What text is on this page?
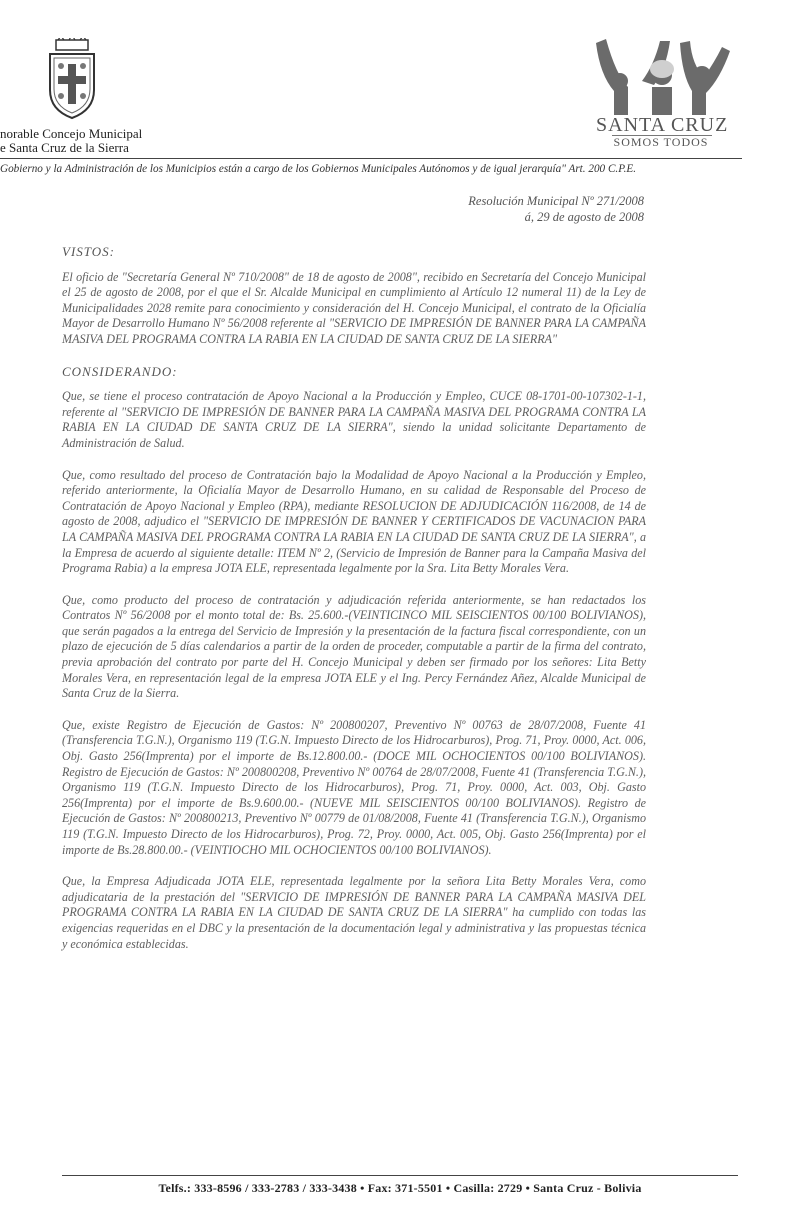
norable Concejo Municipal
e Santa Cruz de la Sierra
SANTA CRUZ
SOMOS TODOS
Gobierno y la Administración de los Municipios están a cargo de los Gobiernos Municipales Autónomos y de igual jerarquía" Art. 200 C.P.E.
Resolución Municipal Nº 271/2008
á, 29 de agosto de 2008
VISTOS:

El oficio de "Secretaría General Nº 710/2008" de 18 de agosto de 2008", recibido en Secretaría del Concejo Municipal el 25 de agosto de 2008, por el que el Sr. Alcalde Municipal en cumplimiento al Artículo 12 numeral 11) de la Ley de Municipalidades 2028 remite para conocimiento y consideración del H. Concejo Municipal, el contrato de la Oficialía Mayor de Desarrollo Humano Nº 56/2008 referente al "SERVICIO DE IMPRESIÓN DE BANNER PARA LA CAMPAÑA MASIVA DEL PROGRAMA CONTRA LA RABIA EN LA CIUDAD DE SANTA CRUZ DE LA SIERRA"

CONSIDERANDO:

Que, se tiene el proceso contratación de Apoyo Nacional a la Producción y Empleo, CUCE 08-1701-00-107302-1-1, referente al "SERVICIO DE IMPRESIÓN DE BANNER PARA LA CAMPAÑA MASIVA DEL PROGRAMA CONTRA LA RABIA EN LA CIUDAD DE SANTA CRUZ DE LA SIERRA", siendo la unidad solicitante Departamento de Administración de Salud.

Que, como resultado del proceso de Contratación bajo la Modalidad de Apoyo Nacional a la Producción y Empleo, referido anteriormente, la Oficialía Mayor de Desarrollo Humano, en su calidad de Responsable del Proceso de Contratación de Apoyo Nacional y Empleo (RPA), mediante RESOLUCION DE ADJUDICACIÓN 116/2008, de 14 de agosto de 2008, adjudico el "SERVICIO DE IMPRESIÓN DE BANNER Y CERTIFICADOS DE VACUNACION PARA LA CAMPAÑA MASIVA DEL PROGRAMA CONTRA LA RABIA EN LA CIUDAD DE SANTA CRUZ DE LA SIERRA", a la Empresa de acuerdo al siguiente detalle: ITEM Nº 2, (Servicio de Impresión de Banner para la Campaña Masiva del Programa Rabia) a la empresa JOTA ELE, representada legalmente por la Sra. Lita Betty Morales Vera.

Que, como producto del proceso de contratación y adjudicación referida anteriormente, se han redactados los Contratos Nº 56/2008 por el monto total de: Bs. 25.600.-(VEINTICINCO MIL SEISCIENTOS 00/100 BOLIVIANOS), que serán pagados a la entrega del Servicio de Impresión y la presentación de la factura fiscal correspondiente, con un plazo de ejecución de 5 días calendarios a partir de la orden de proceder, computable a partir de la firma del contrato, previa aprobación del contrato por parte del H. Concejo Municipal y deben ser firmado por los señores: Lita Betty Morales Vera, en representación legal de la empresa JOTA ELE y el Ing. Percy Fernández Añez, Alcalde Municipal de Santa Cruz de la Sierra.

Que, existe Registro de Ejecución de Gastos: Nº 200800207, Preventivo Nº 00763 de 28/07/2008, Fuente 41 (Transferencia T.G.N.), Organismo 119 (T.G.N. Impuesto Directo de los Hidrocarburos), Prog. 71, Proy. 0000, Act. 006, Obj. Gasto 256(Imprenta) por el importe de Bs.12.800.00.- (DOCE MIL OCHOCIENTOS 00/100 BOLIVIANOS). Registro de Ejecución de Gastos: Nº 200800208, Preventivo Nº 00764 de 28/07/2008, Fuente 41 (Transferencia T.G.N.), Organismo 119 (T.G.N. Impuesto Directo de los Hidrocarburos), Prog. 71, Proy. 0000, Act. 003, Obj. Gasto 256(Imprenta) por el importe de Bs.9.600.00.- (NUEVE MIL SEISCIENTOS 00/100 BOLIVIANOS). Registro de Ejecución de Gastos: Nº 200800213, Preventivo Nº 00779 de 01/08/2008, Fuente 41 (Transferencia T.G.N.), Organismo 119 (T.G.N. Impuesto Directo de los Hidrocarburos), Prog. 72, Proy. 0000, Act. 005, Obj. Gasto 256(Imprenta) por el importe de Bs.28.800.00.- (VEINTIOCHO MIL OCHOCIENTOS 00/100 BOLIVIANOS).

Que, la Empresa Adjudicada JOTA ELE, representada legalmente por la señora Lita Betty Morales Vera, como adjudicataria de la prestación del "SERVICIO DE IMPRESIÓN DE BANNER PARA LA CAMPAÑA MASIVA DEL PROGRAMA CONTRA LA RABIA EN LA CIUDAD DE SANTA CRUZ DE LA SIERRA" ha cumplido con todas las exigencias requeridas en el DBC y la presentación de la documentación legal y administrativa y las propuestas técnica y económica establecidas.

Telfs.: 333-8596 / 333-2783 / 333-3438 • Fax: 371-5501 • Casilla: 2729 • Santa Cruz - Bolivia
